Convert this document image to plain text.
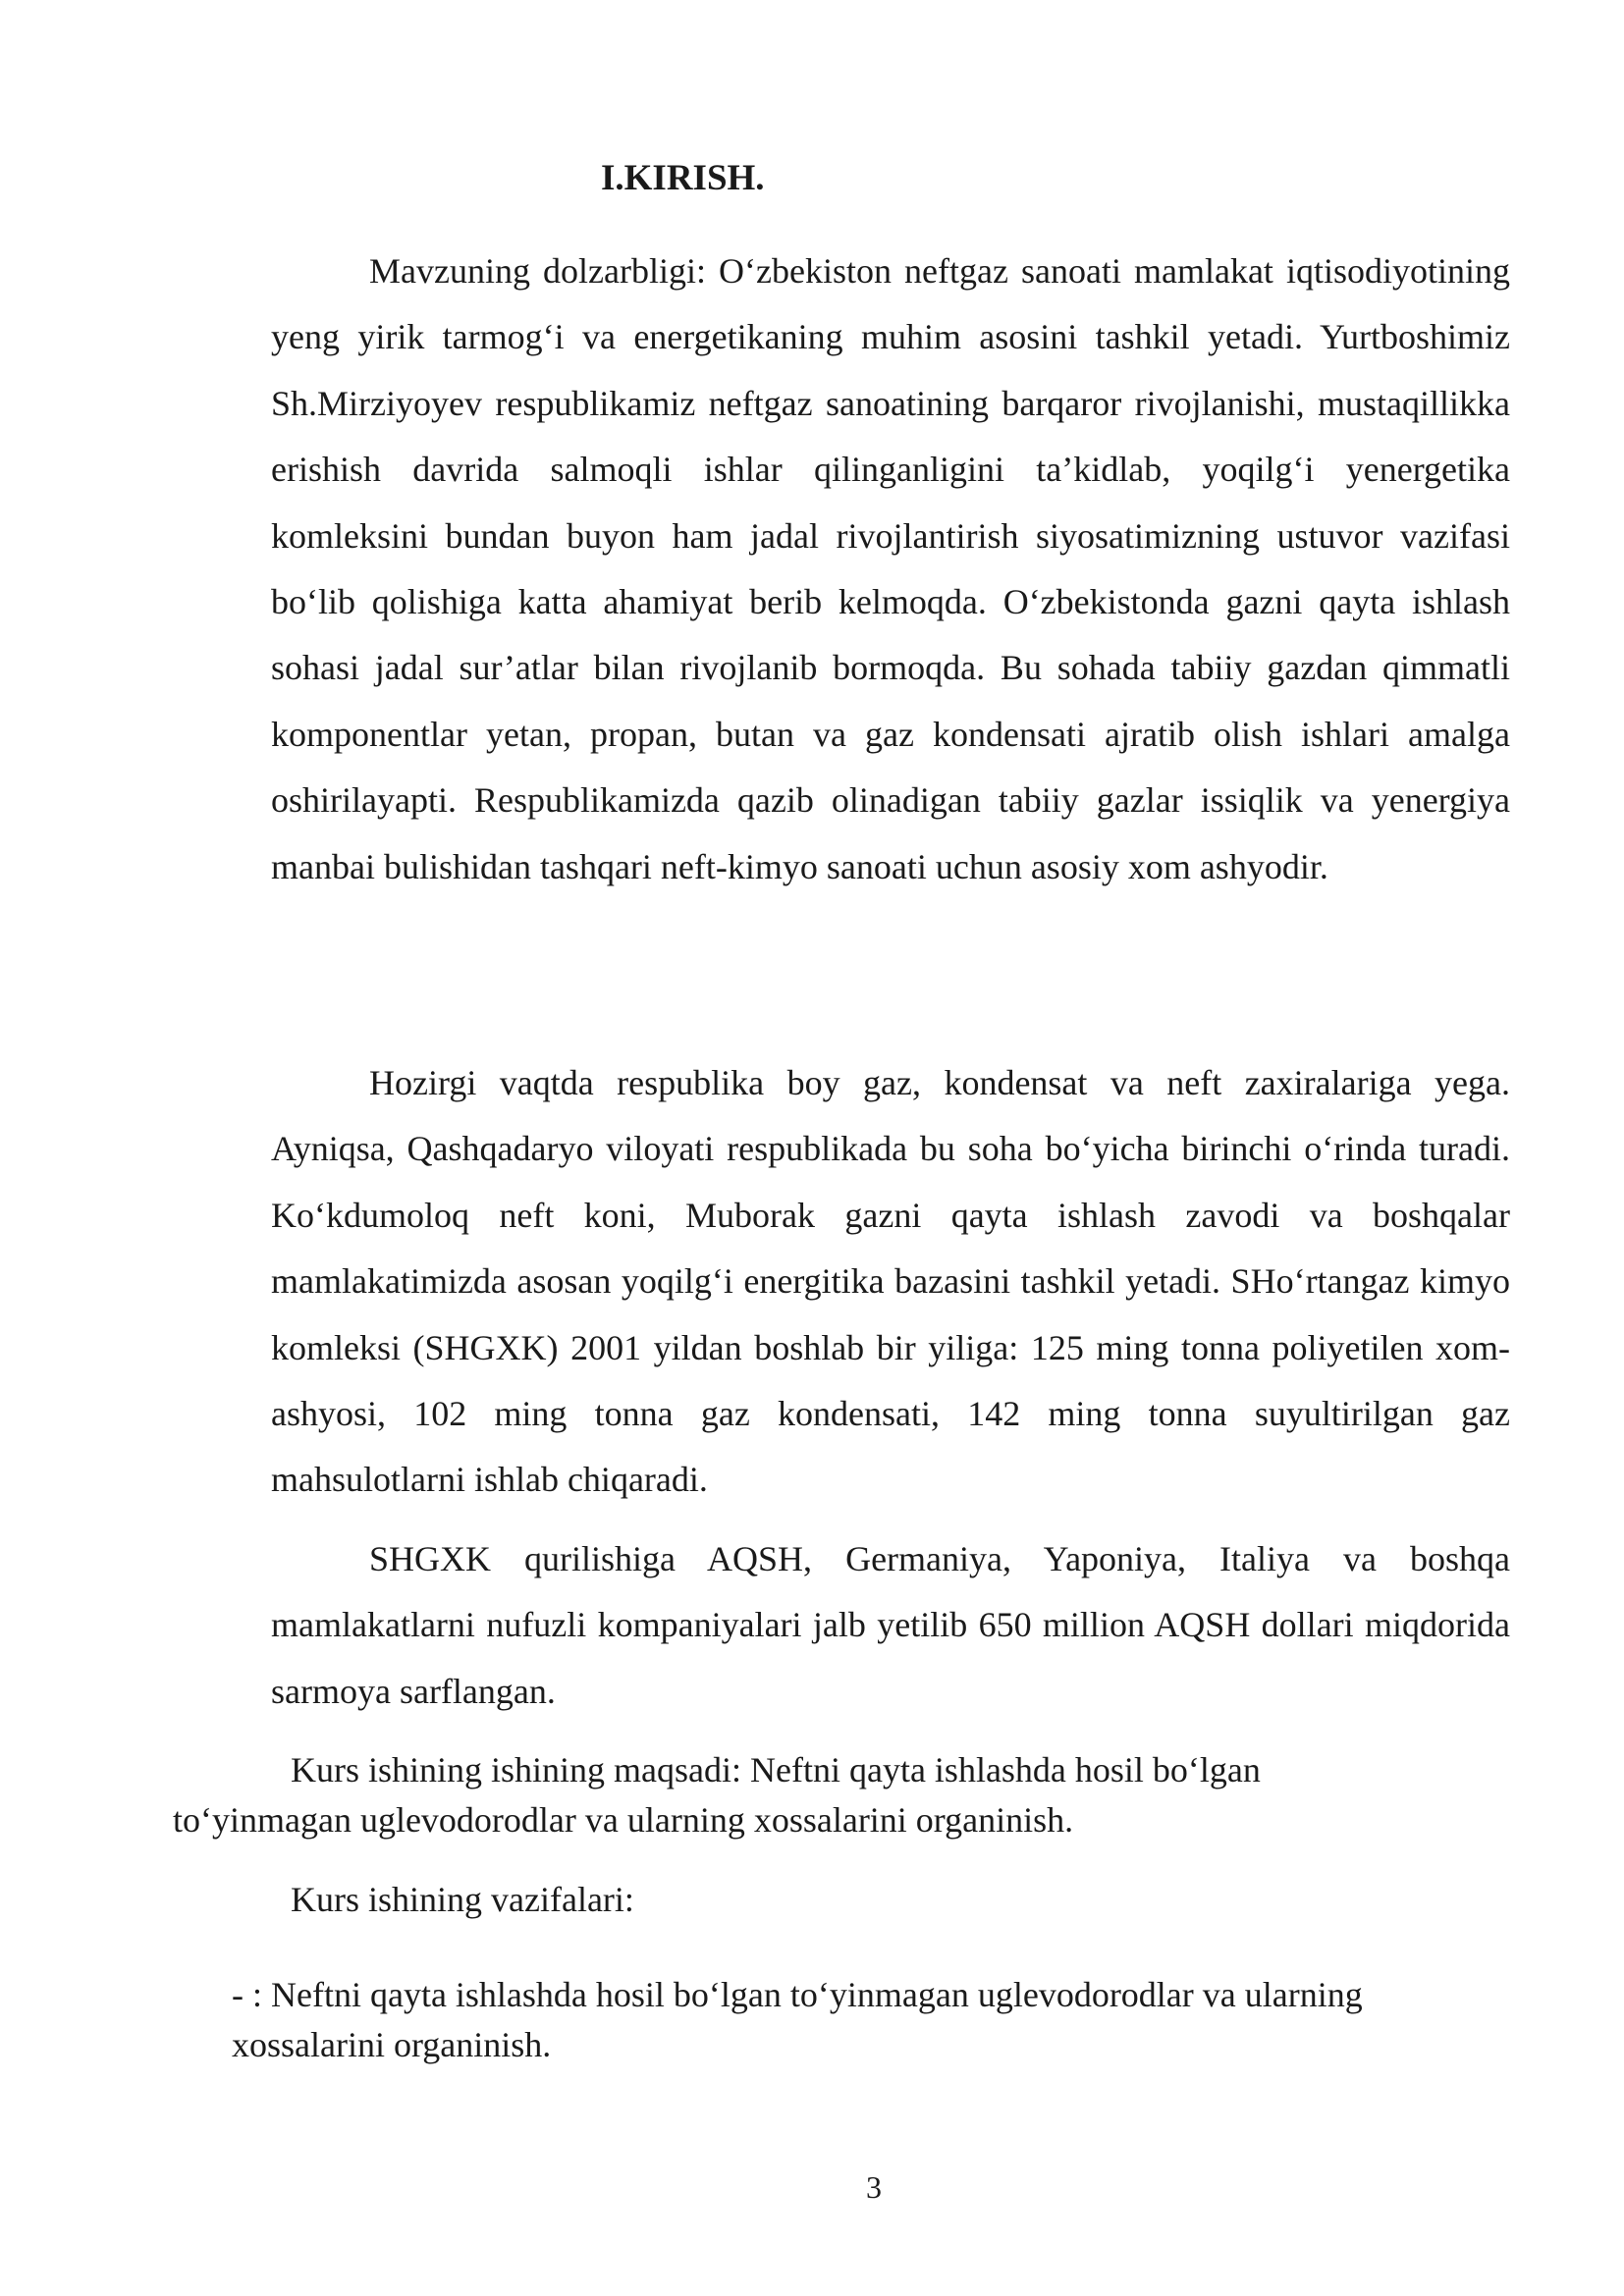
I.KIRISH.

Mavzuning dolzarbligi: O‘zbekiston neftgaz sanoati mamlakat iqtisodiyotining yeng yirik tarmog‘i va energetikaning muhim asosini tashkil yetadi. Yurtboshimiz Sh.Mirziyoyev respublikamiz neftgaz sanoatining barqaror rivojlanishi, mustaqillikka erishish davrida salmoqli ishlar qilinganligini ta’kidlab, yoqilg‘i yenergetika komleksini bundan buyon ham jadal rivojlantirish siyosatimizning ustuvor vazifasi bo‘lib qolishiga katta ahamiyat berib kelmoqda. O‘zbekistonda gazni qayta ishlash sohasi jadal sur’atlar bilan rivojlanib bormoqda. Bu sohada tabiiy gazdan qimmatli komponentlar yetan, propan, butan va gaz kondensati ajratib olish ishlari amalga oshirilayapti. Respublikamizda qazib olinadigan tabiiy gazlar issiqlik va yenergiya manbai bulishidan tashqari neft-kimyo sanoati uchun asosiy xom ashyodir.

Hozirgi vaqtda respublika boy gaz, kondensat va neft zaxiralariga yega. Ayniqsa, Qashqadaryo viloyati respublikada bu soha bo‘yicha birinchi o‘rinda turadi. Ko‘kdumoloq neft koni, Muborak gazni qayta ishlash zavodi va boshqalar mamlakatimizda asosan yoqilg‘i energitika bazasini tashkil yetadi. SHo‘rtangaz kimyo komleksi (SHGXK) 2001 yildan boshlab bir yiliga: 125 ming tonna poliyetilen xom-ashyosi, 102 ming tonna gaz kondensati, 142 ming tonna suyultirilgan gaz mahsulotlarni ishlab chiqaradi.

SHGXK qurilishiga AQSH, Germaniya, Yaponiya, Italiya va boshqa mamlakatlarni nufuzli kompaniyalari jalb yetilib 650 million AQSH dollari miqdorida sarmoya sarflangan.

Kurs ishining ishining maqsadi: Neftni qayta ishlashda hosil bo‘lgan
to‘yinmagan uglevodorodlar va ularning xossalarini organinish.

Kurs ishining vazifalari:

- : Neftni qayta ishlashda hosil bo‘lgan to‘yinmagan uglevodorodlar va ularning
xossalarini organinish.

3
